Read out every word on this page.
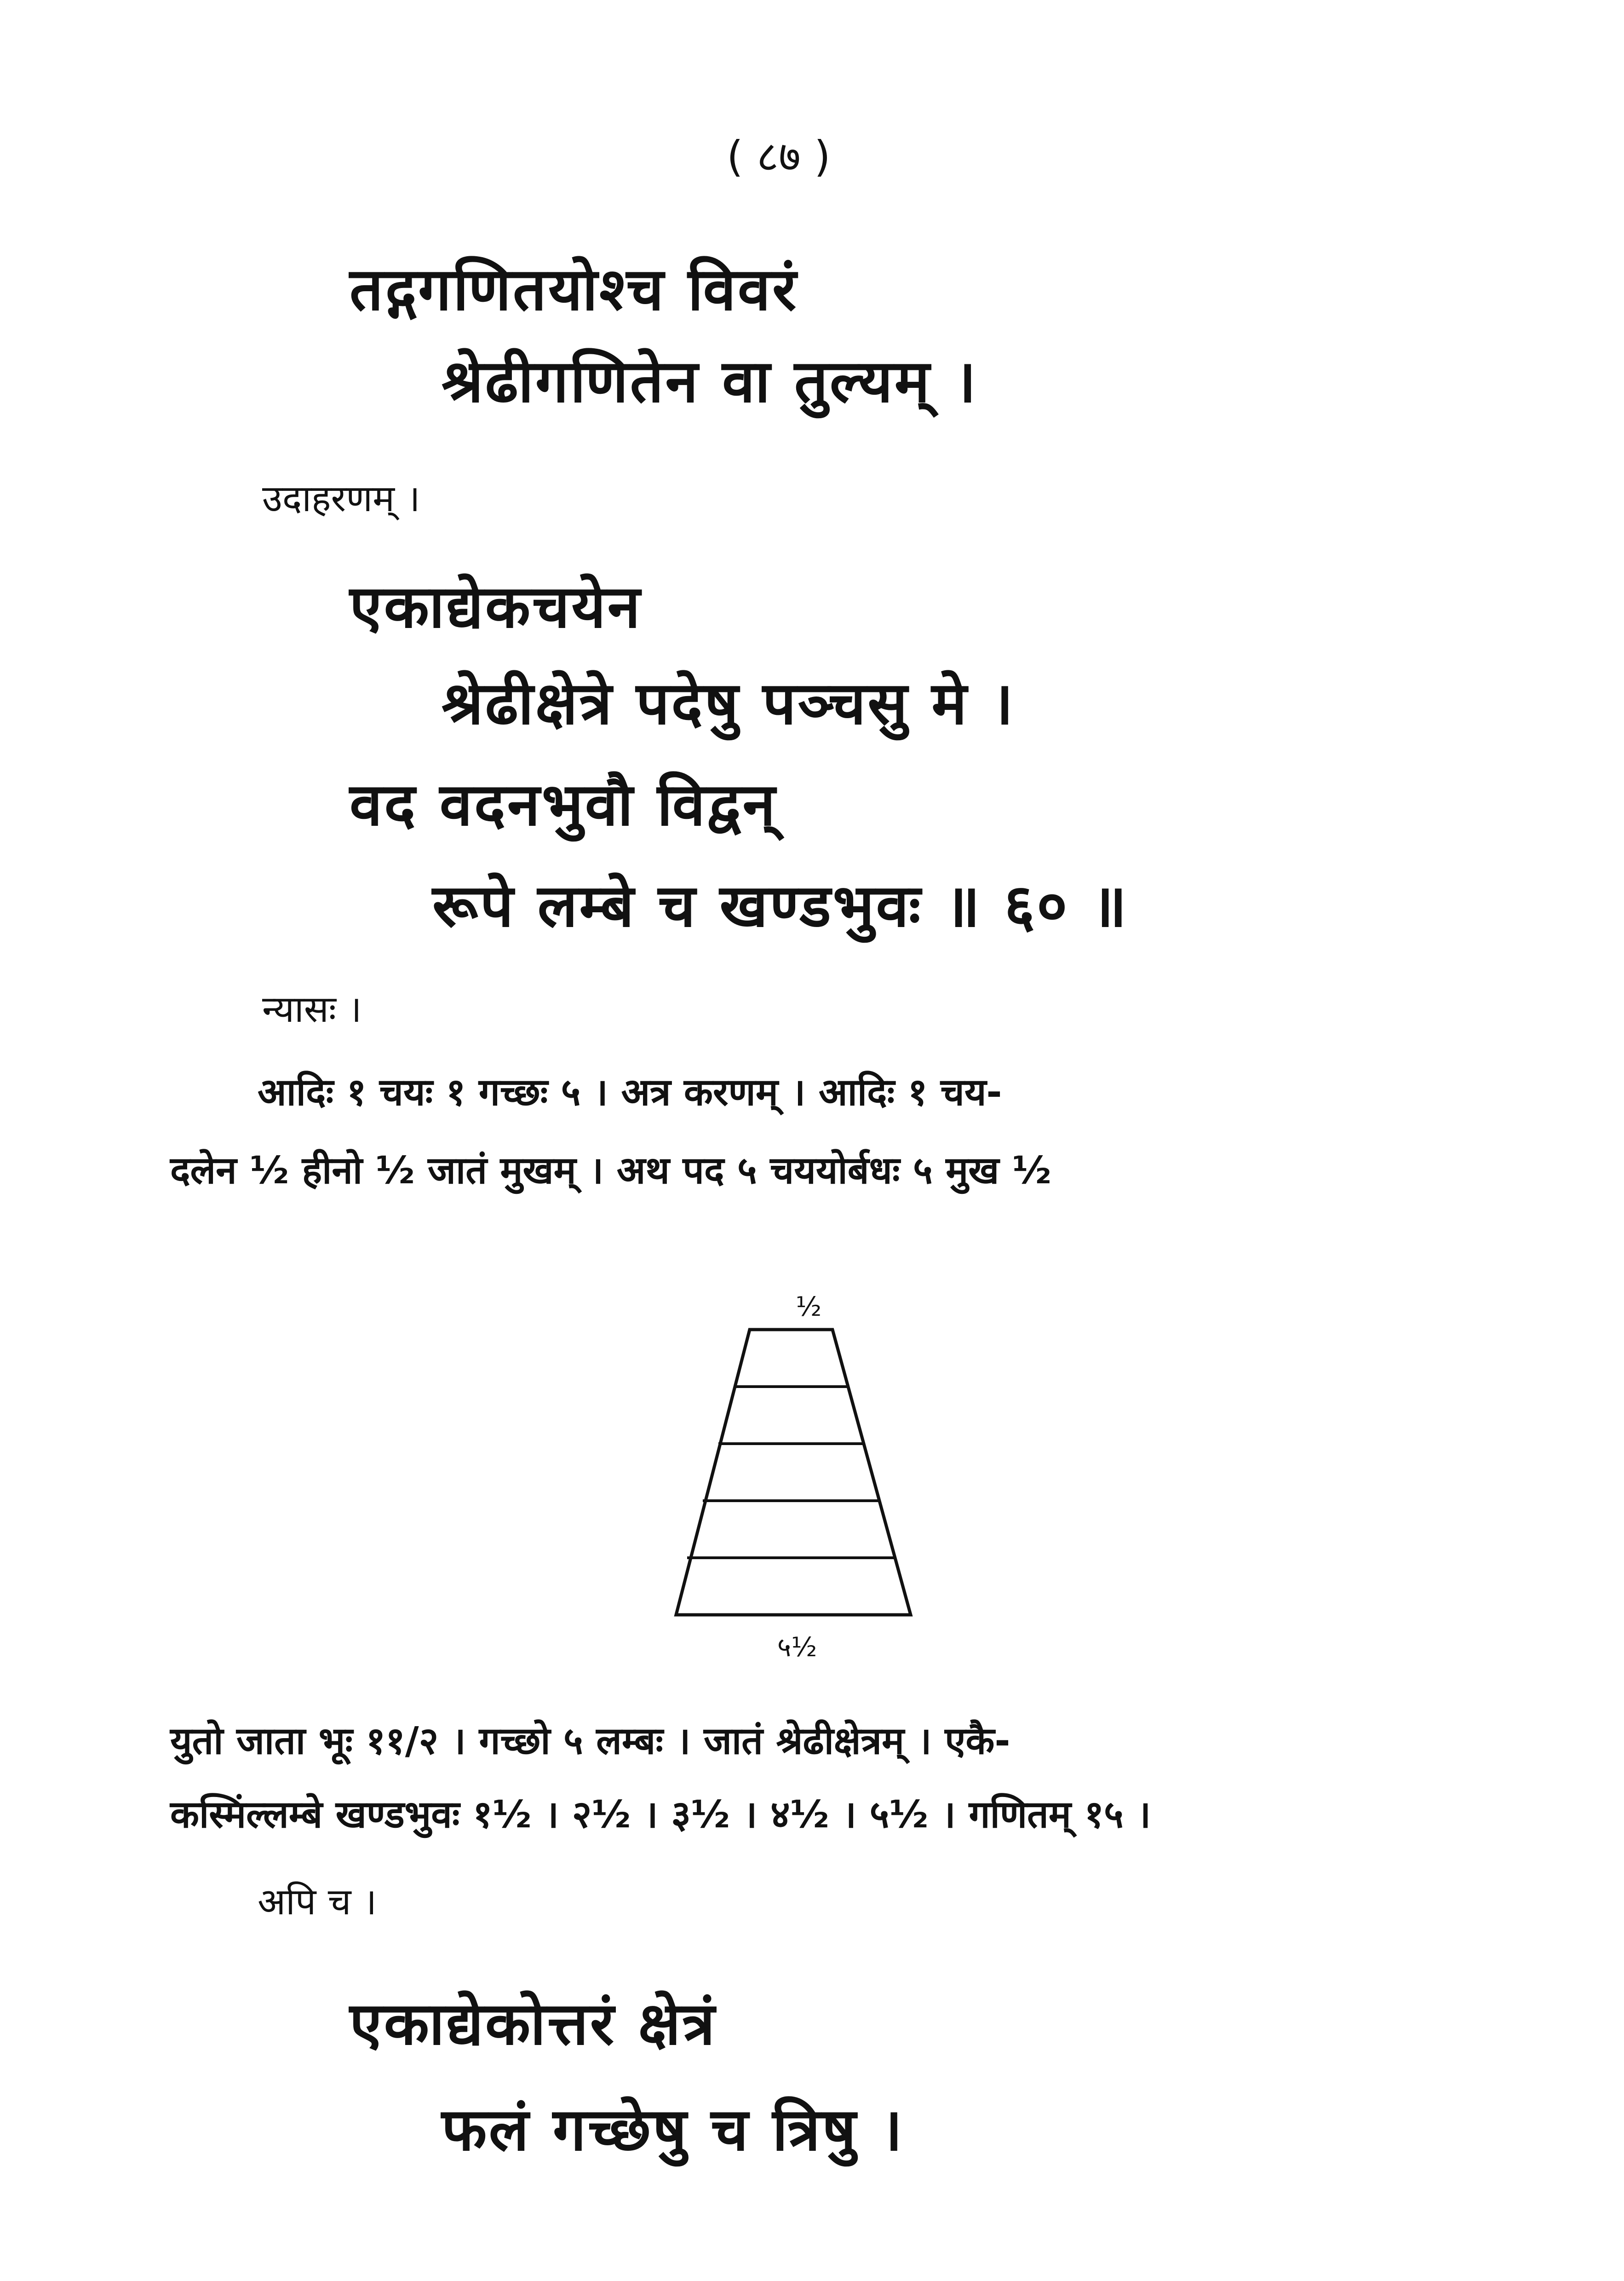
( ८७ )
तद्गगणितयोश्च विवरं
श्रेढीगणितेन वा तुल्यम् ।
उदाहरणम् ।
एकाद्येकचयेन
श्रेढीक्षेत्रे पदेषु पञ्चसु मे ।
वद वदनभुवौ विद्वन्
रूपे लम्बे च खण्डभुवः ॥ ६० ॥
न्यासः ।
आदिः १ चयः १ गच्छः ५ । अत्र करणम् । आदिः १ चय-
दलेन ½ हीनो ½ जातं मुखम् । अथ पद ५ चययोर्बधः ५ मुख ½
½
५½
युतो जाता भूः ११/२ । गच्छो ५ लम्बः । जातं श्रेढीक्षेत्रम् । एकै-
कस्मिंल्लम्बे खण्डभुवः १½ । २½ । ३½ । ४½ । ५½ । गणितम् १५ ।
अपि च ।
एकाद्येकोत्तरं क्षेत्रं
फलं गच्छेषु च त्रिषु ।
